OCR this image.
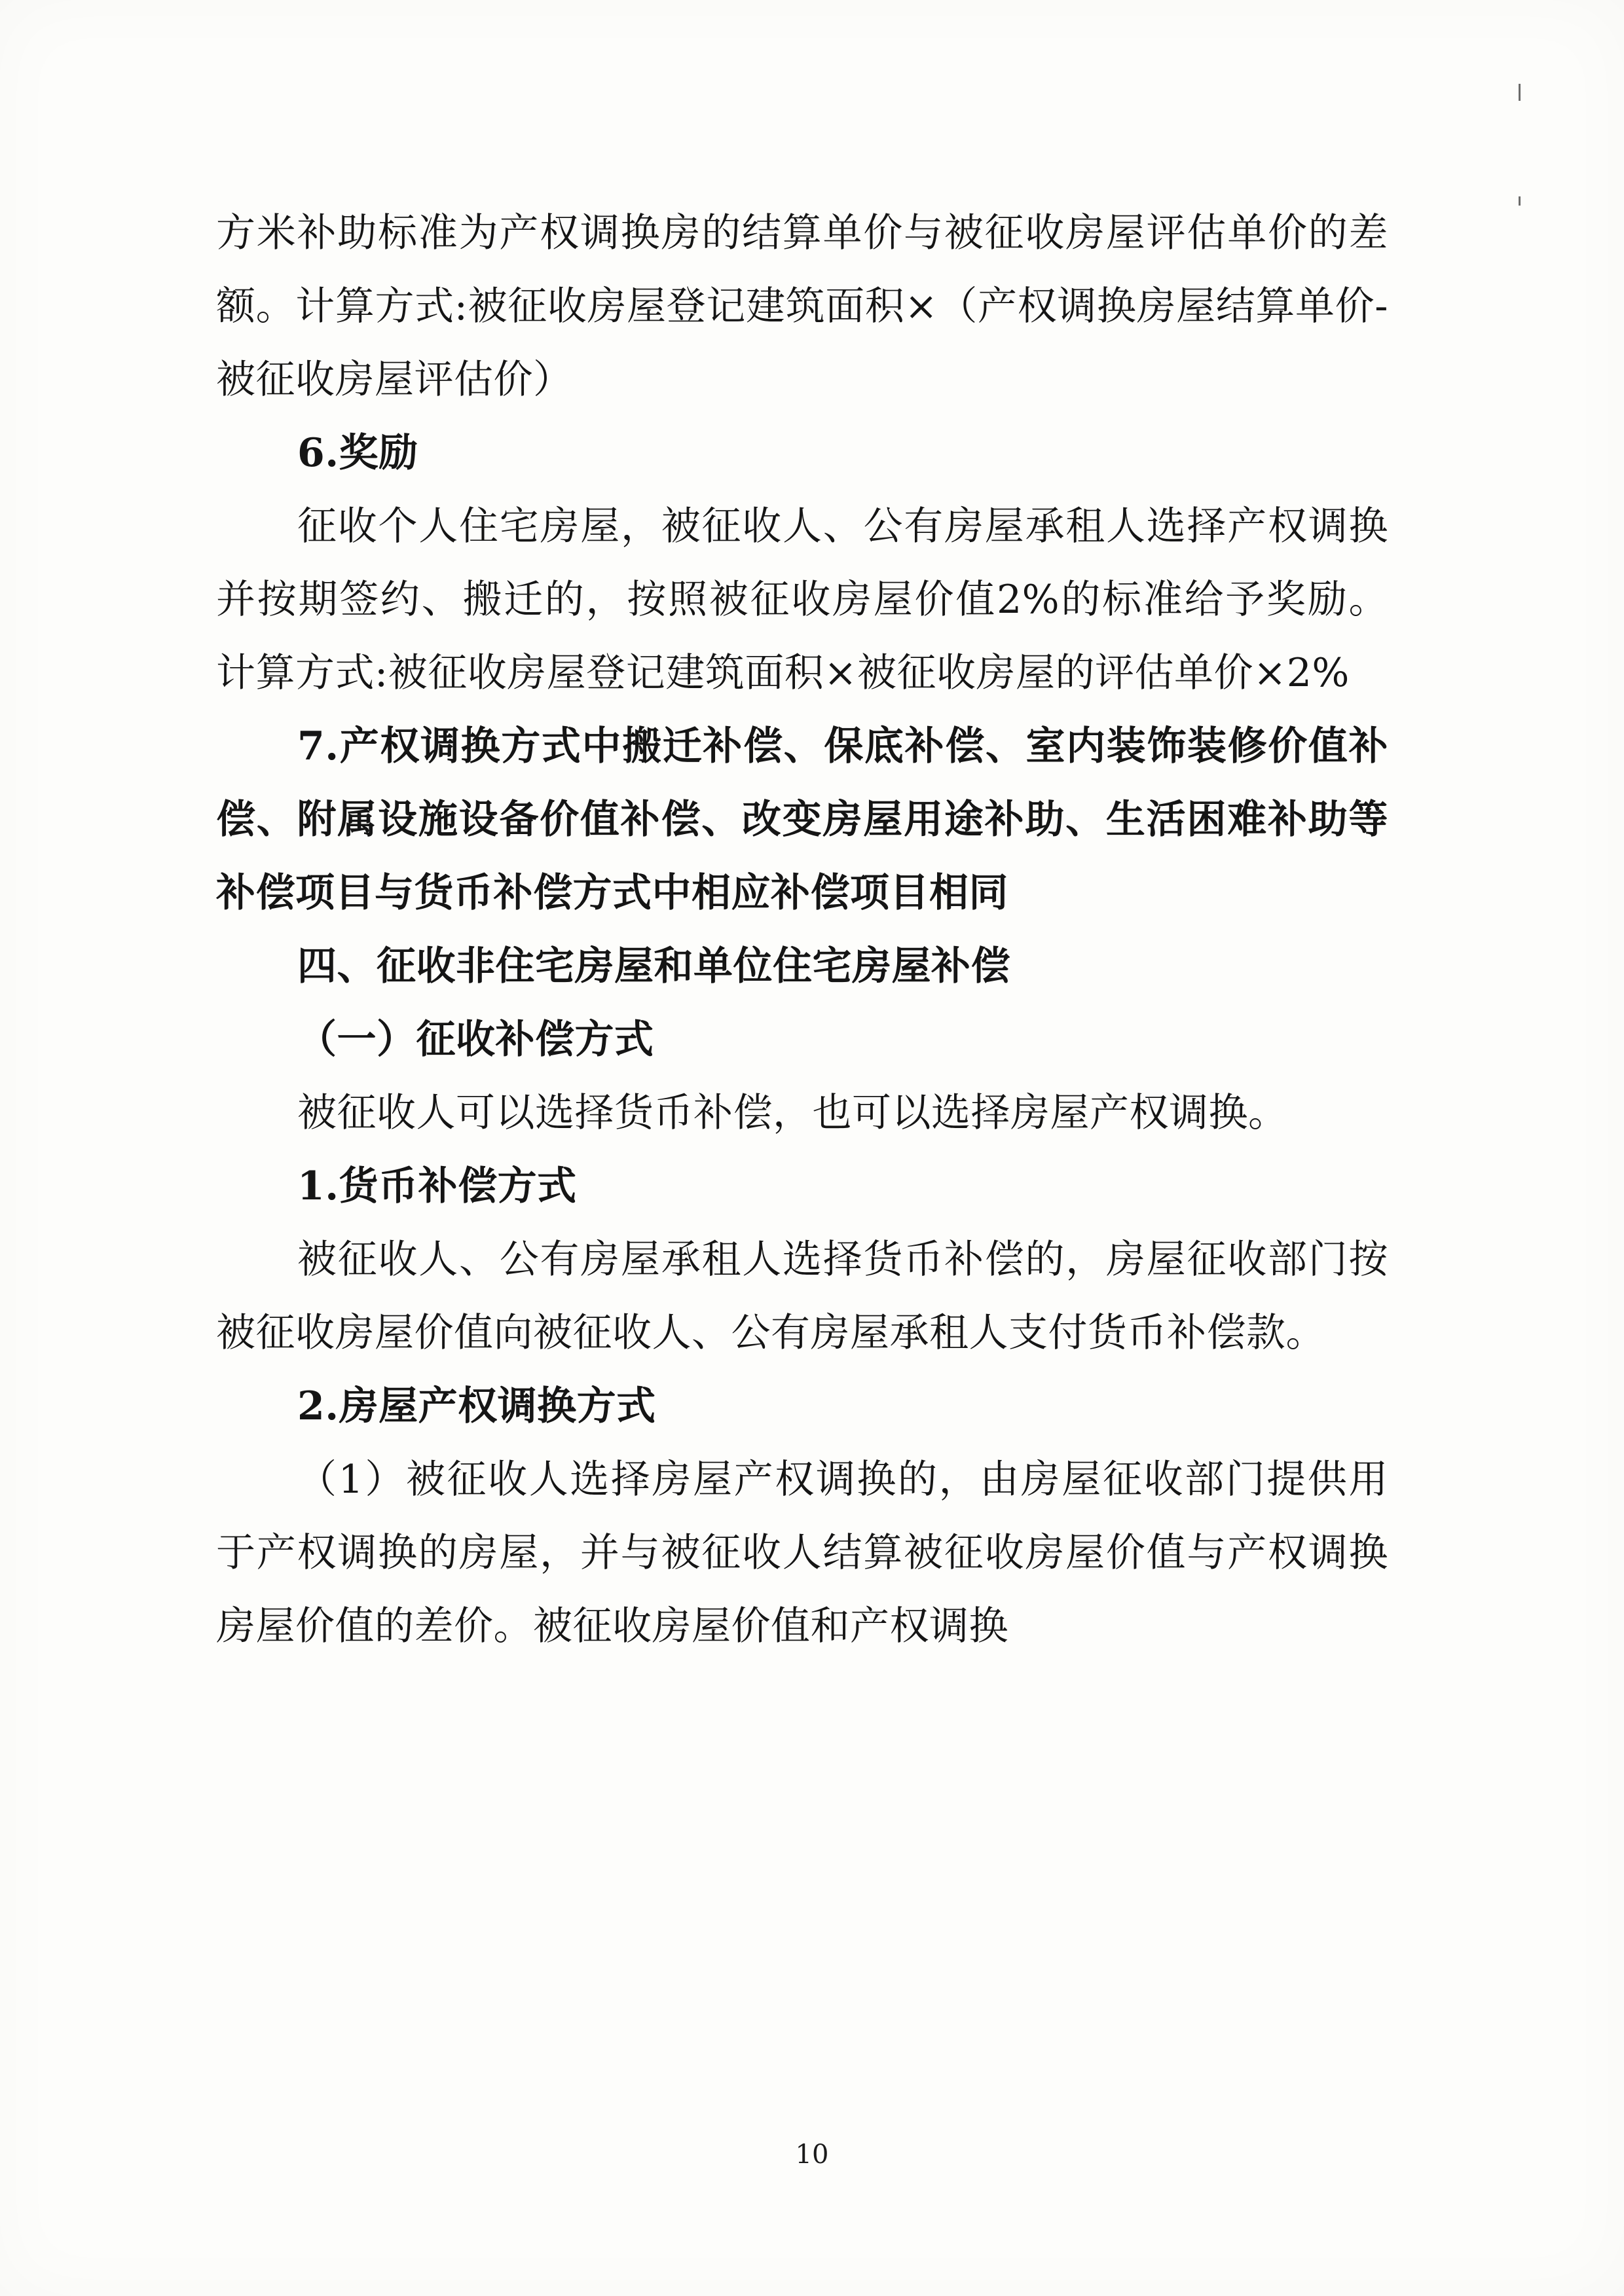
方米补助标准为产权调换房的结算单价与被征收房屋评估单价的差额。计算方式:被征收房屋登记建筑面积×（产权调换房屋结算单价-被征收房屋评估价）

6.奖励

征收个人住宅房屋，被征收人、公有房屋承租人选择产权调换并按期签约、搬迁的，按照被征收房屋价值2%的标准给予奖励。计算方式:被征收房屋登记建筑面积×被征收房屋的评估单价×2%

7.产权调换方式中搬迁补偿、保底补偿、室内装饰装修价值补偿、附属设施设备价值补偿、改变房屋用途补助、生活困难补助等补偿项目与货币补偿方式中相应补偿项目相同

四、征收非住宅房屋和单位住宅房屋补偿

（一）征收补偿方式

被征收人可以选择货币补偿，也可以选择房屋产权调换。

1.货币补偿方式

被征收人、公有房屋承租人选择货币补偿的，房屋征收部门按被征收房屋价值向被征收人、公有房屋承租人支付货币补偿款。

2.房屋产权调换方式

（1）被征收人选择房屋产权调换的，由房屋征收部门提供用于产权调换的房屋，并与被征收人结算被征收房屋价值与产权调换房屋价值的差价。被征收房屋价值和产权调换

10
